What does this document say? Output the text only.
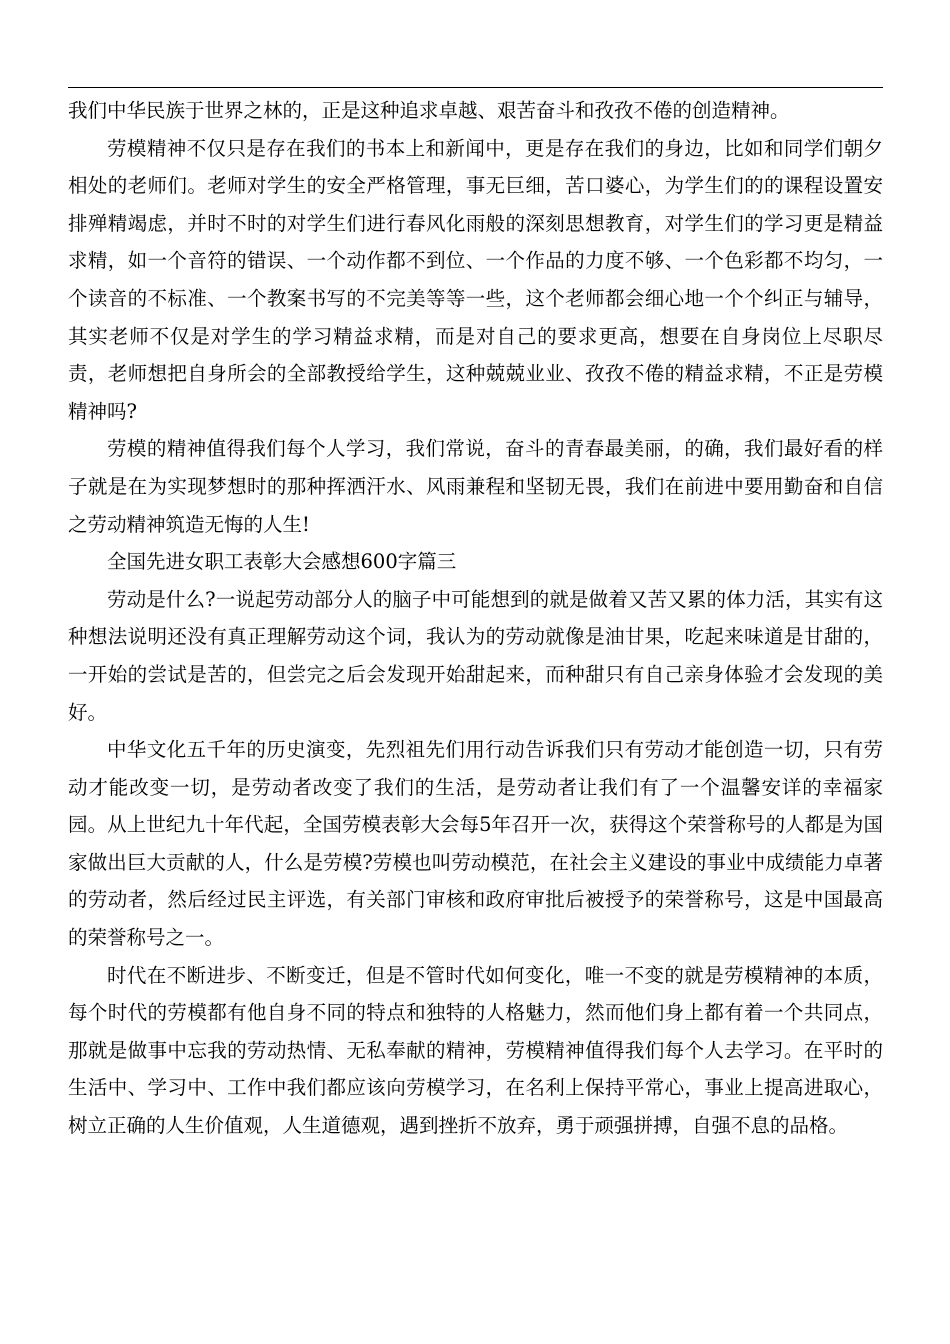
我们中华民族于世界之林的，正是这种追求卓越、艰苦奋斗和孜孜不倦的创造精神。

劳模精神不仅只是存在我们的书本上和新闻中，更是存在我们的身边，比如和同学们朝夕相处的老师们。老师对学生的安全严格管理，事无巨细，苦口婆心，为学生们的的课程设置安排殚精竭虑，并时不时的对学生们进行春风化雨般的深刻思想教育，对学生们的学习更是精益求精，如一个音符的错误、一个动作都不到位、一个作品的力度不够、一个色彩都不均匀，一个读音的不标准、一个教案书写的不完美等等一些，这个老师都会细心地一个个纠正与辅导，其实老师不仅是对学生的学习精益求精，而是对自己的要求更高，想要在自身岗位上尽职尽责，老师想把自身所会的全部教授给学生，这种兢兢业业、孜孜不倦的精益求精，不正是劳模精神吗?

劳模的精神值得我们每个人学习，我们常说，奋斗的青春最美丽，的确，我们最好看的样子就是在为实现梦想时的那种挥洒汗水、风雨兼程和坚韧无畏，我们在前进中要用勤奋和自信之劳动精神筑造无悔的人生!

全国先进女职工表彰大会感想600字篇三

劳动是什么?一说起劳动部分人的脑子中可能想到的就是做着又苦又累的体力活，其实有这种想法说明还没有真正理解劳动这个词，我认为的劳动就像是油甘果，吃起来味道是甘甜的，一开始的尝试是苦的，但尝完之后会发现开始甜起来，而种甜只有自己亲身体验才会发现的美好。

中华文化五千年的历史演变，先烈祖先们用行动告诉我们只有劳动才能创造一切，只有劳动才能改变一切，是劳动者改变了我们的生活，是劳动者让我们有了一个温馨安详的幸福家园。从上世纪九十年代起，全国劳模表彰大会每5年召开一次，获得这个荣誉称号的人都是为国家做出巨大贡献的人，什么是劳模?劳模也叫劳动模范，在社会主义建设的事业中成绩能力卓著的劳动者，然后经过民主评选，有关部门审核和政府审批后被授予的荣誉称号，这是中国最高的荣誉称号之一。

时代在不断进步、不断变迁，但是不管时代如何变化，唯一不变的就是劳模精神的本质，每个时代的劳模都有他自身不同的特点和独特的人格魅力，然而他们身上都有着一个共同点，那就是做事中忘我的劳动热情、无私奉献的精神，劳模精神值得我们每个人去学习。在平时的生活中、学习中、工作中我们都应该向劳模学习，在名利上保持平常心，事业上提高进取心，树立正确的人生价值观，人生道德观，遇到挫折不放弃，勇于顽强拼搏，自强不息的品格。
